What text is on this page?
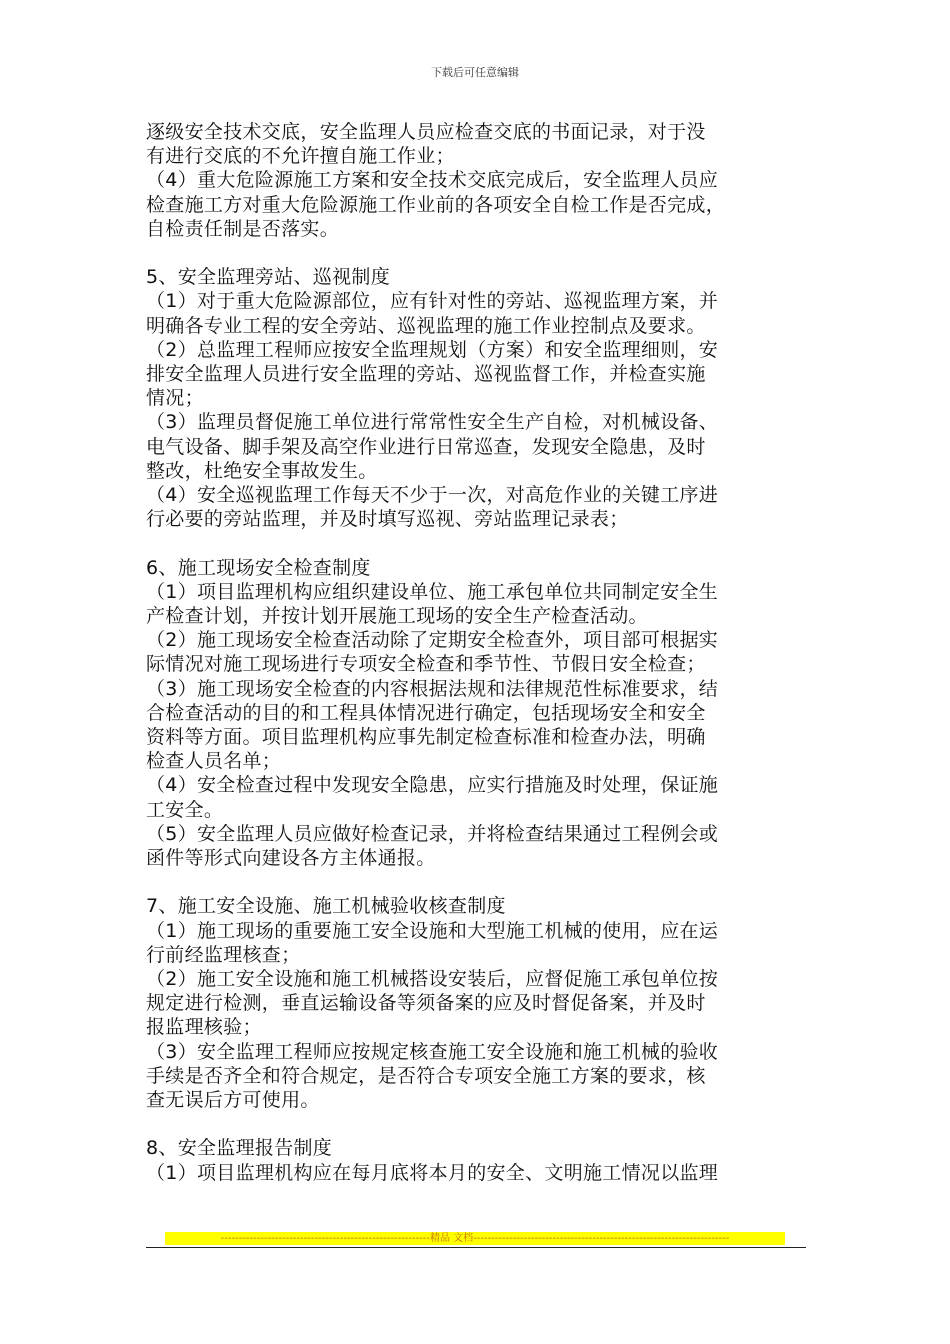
下载后可任意编辑
逐级安全技术交底，安全监理人员应检查交底的书面记录，对于没
有进行交底的不允许擅自施工作业；
（4）重大危险源施工方案和安全技术交底完成后，安全监理人员应
检查施工方对重大危险源施工作业前的各项安全自检工作是否完成，
自检责任制是否落实。
5、安全监理旁站、巡视制度
（1）对于重大危险源部位，应有针对性的旁站、巡视监理方案，并
明确各专业工程的安全旁站、巡视监理的施工作业控制点及要求。
（2）总监理工程师应按安全监理规划（方案）和安全监理细则，安
排安全监理人员进行安全监理的旁站、巡视监督工作，并检查实施
情况；
（3）监理员督促施工单位进行常常性安全生产自检，对机械设备、
电气设备、脚手架及高空作业进行日常巡查，发现安全隐患，及时
整改，杜绝安全事故发生。
（4）安全巡视监理工作每天不少于一次，对高危作业的关键工序进
行必要的旁站监理，并及时填写巡视、旁站监理记录表；
6、施工现场安全检查制度
（1）项目监理机构应组织建设单位、施工承包单位共同制定安全生
产检查计划，并按计划开展施工现场的安全生产检查活动。
（2）施工现场安全检查活动除了定期安全检查外，项目部可根据实
际情况对施工现场进行专项安全检查和季节性、节假日安全检查；
（3）施工现场安全检查的内容根据法规和法律规范性标准要求，结
合检查活动的目的和工程具体情况进行确定，包括现场安全和安全
资料等方面。项目监理机构应事先制定检查标准和检查办法，明确
检查人员名单；
（4）安全检查过程中发现安全隐患，应实行措施及时处理，保证施
工安全。
（5）安全监理人员应做好检查记录，并将检查结果通过工程例会或
函件等形式向建设各方主体通报。
7、施工安全设施、施工机械验收核查制度
（1）施工现场的重要施工安全设施和大型施工机械的使用，应在运
行前经监理核查；
（2）施工安全设施和施工机械搭设安装后，应督促施工承包单位按
规定进行检测，垂直运输设备等须备案的应及时督促备案，并及时
报监理核验；
（3）安全监理工程师应按规定核查施工安全设施和施工机械的验收
手续是否齐全和符合规定，是否符合专项安全施工方案的要求，核
查无误后方可使用。
8、安全监理报告制度
（1）项目监理机构应在每月底将本月的安全、文明施工情况以监理
----------------------------------------------------------精品 文档-----------------------------------------------------------------------
